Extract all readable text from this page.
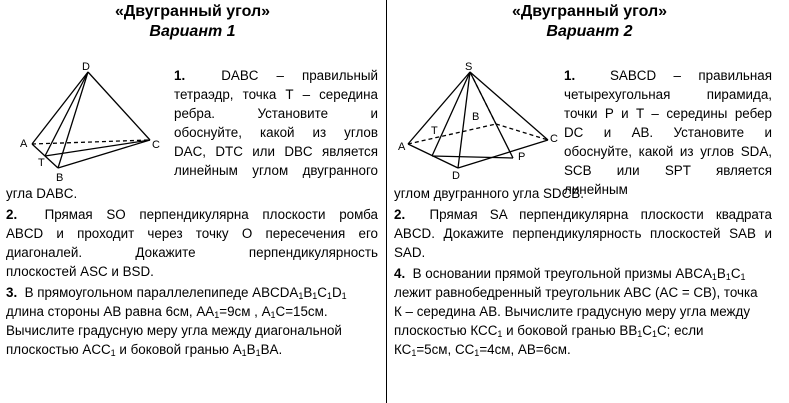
«Двугранный угол»
Вариант 1
D
A	C
T
B

1.	DABC – правильный

тетраэдр, точка Т – середина

ребра. Установите и

обоснуйте, какой из углов

DAC, DTC или DBC является

линейным углом двугранного

угла DABC.

2. Прямая SO перпендикулярна плоскости ромба

ABCD и проходит через точку О пересечения его

диагоналей. Докажите перпендикулярность

плоскостей ASC и BSD.

3. В прямоугольном параллелепипеде $ABCDA_1B_1C_1D_1$

длина стороны AB равна 6см, $AA_1=9см$ , $A_1C=15см$.

Вычислите градусную меру угла между диагональной

плоскостью $ACC_1$ и боковой гранью $A_1B_1BA$.

«Двугранный угол»
Вариант 2
S
A
B
C
D
T
P

1.	SABCD – правильная

четырехугольная пирамида,

точки P и T – середины ребер

DC и AB. Установите и

обоснуйте, какой из углов SDA,

SCB или SPT является линейным

углом двугранного угла SDCB.

2. Прямая SA перпендикулярна плоскости квадрата

ABCD. Докажите перпендикулярность плоскостей SAB и

SAD.

4. В основании прямой треугольной призмы $ABCA_1B_1C_1$

лежит равнобедренный треугольник ABC (AC = CB), точка

К – середина АВ. Вычислите градусную меру угла между

плоскостью $КСС_1$ и боковой гранью $ВВ_1С_1С$; если

$КС_1=5см$, $СС_1=4см$, АВ=6см.
